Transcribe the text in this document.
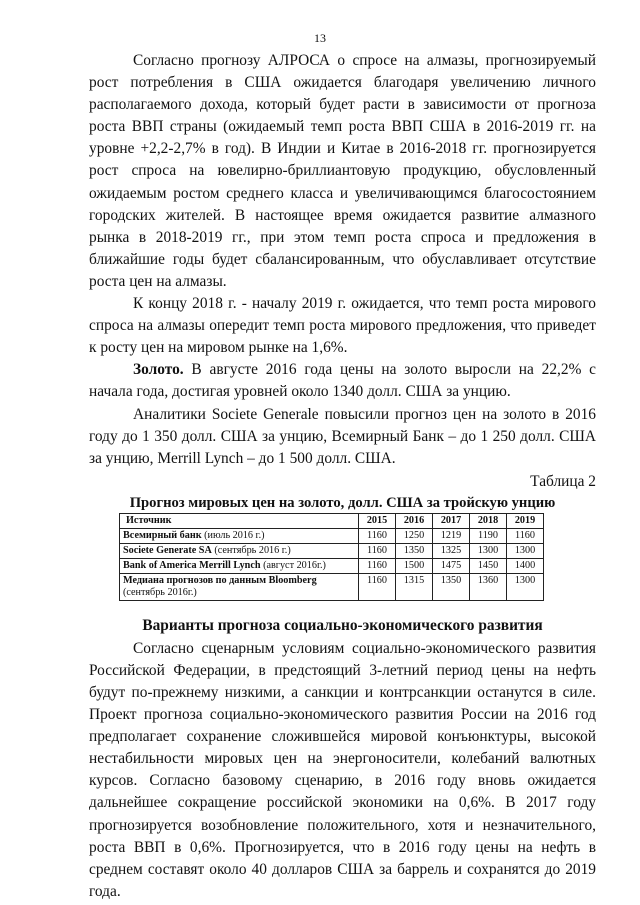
13

Согласно прогнозу АЛРОСА о спросе на алмазы, прогнозируемый рост потребления в США ожидается благодаря увеличению личного располагаемого дохода, который будет расти в зависимости от прогноза роста ВВП страны (ожидаемый темп роста ВВП США в 2016-2019 гг. на уровне +2,2-2,7% в год). В Индии и Китае в 2016-2018 гг. прогнозируется рост спроса на ювелирно-бриллиантовую продукцию, обусловленный ожидаемым ростом среднего класса и увеличивающимся благосостоянием городских жителей. В настоящее время ожидается развитие алмазного рынка в 2018-2019 гг., при этом темп роста спроса и предложения в ближайшие годы будет сбалансированным, что обуславливает отсутствие роста цен на алмазы.

К концу 2018 г. - началу 2019 г. ожидается, что темп роста мирового спроса на алмазы опередит темп роста мирового предложения, что приведет к росту цен на мировом рынке на 1,6%.

Золото. В августе 2016 года цены на золото выросли на 22,2% с начала года, достигая уровней около 1340 долл. США за унцию.

Аналитики Societe Generale повысили прогноз цен на золото в 2016 году до 1 350 долл. США за унцию, Всемирный Банк – до 1 250 долл. США за унцию, Merrill Lynch – до 1 500 долл. США.

Таблица 2
Прогноз мировых цен на золото, долл. США за тройскую унцию
Источник	2015	2016	2017	2018	2019
Всемирный банк (июль 2016 г.)	1160	1250	1219	1190	1160
Societe Generate SA (сентябрь 2016 г.)	1160	1350	1325	1300	1300
Bank of America Merrill Lynch (август 2016г.)	1160	1500	1475	1450	1400
Медиана прогнозов по данным Bloomberg (сентябрь 2016г.)	1160	1315	1350	1360	1300
Варианты прогноза социально-экономического развития

Согласно сценарным условиям социально-экономического развития Российской Федерации, в предстоящий 3-летний период цены на нефть будут по-прежнему низкими, а санкции и контрсанкции останутся в силе. Проект прогноза социально-экономического развития России на 2016 год предполагает сохранение сложившейся мировой конъюнктуры, высокой нестабильности мировых цен на энергоносители, колебаний валютных курсов. Согласно базовому сценарию, в 2016 году вновь ожидается дальнейшее сокращение российской экономики на 0,6%. В 2017 году прогнозируется возобновление положительного, хотя и незначительного, роста ВВП в 0,6%. Прогнозируется, что в 2016 году цены на нефть в среднем составят около 40 долларов США за баррель и сохранятся до 2019 года.
